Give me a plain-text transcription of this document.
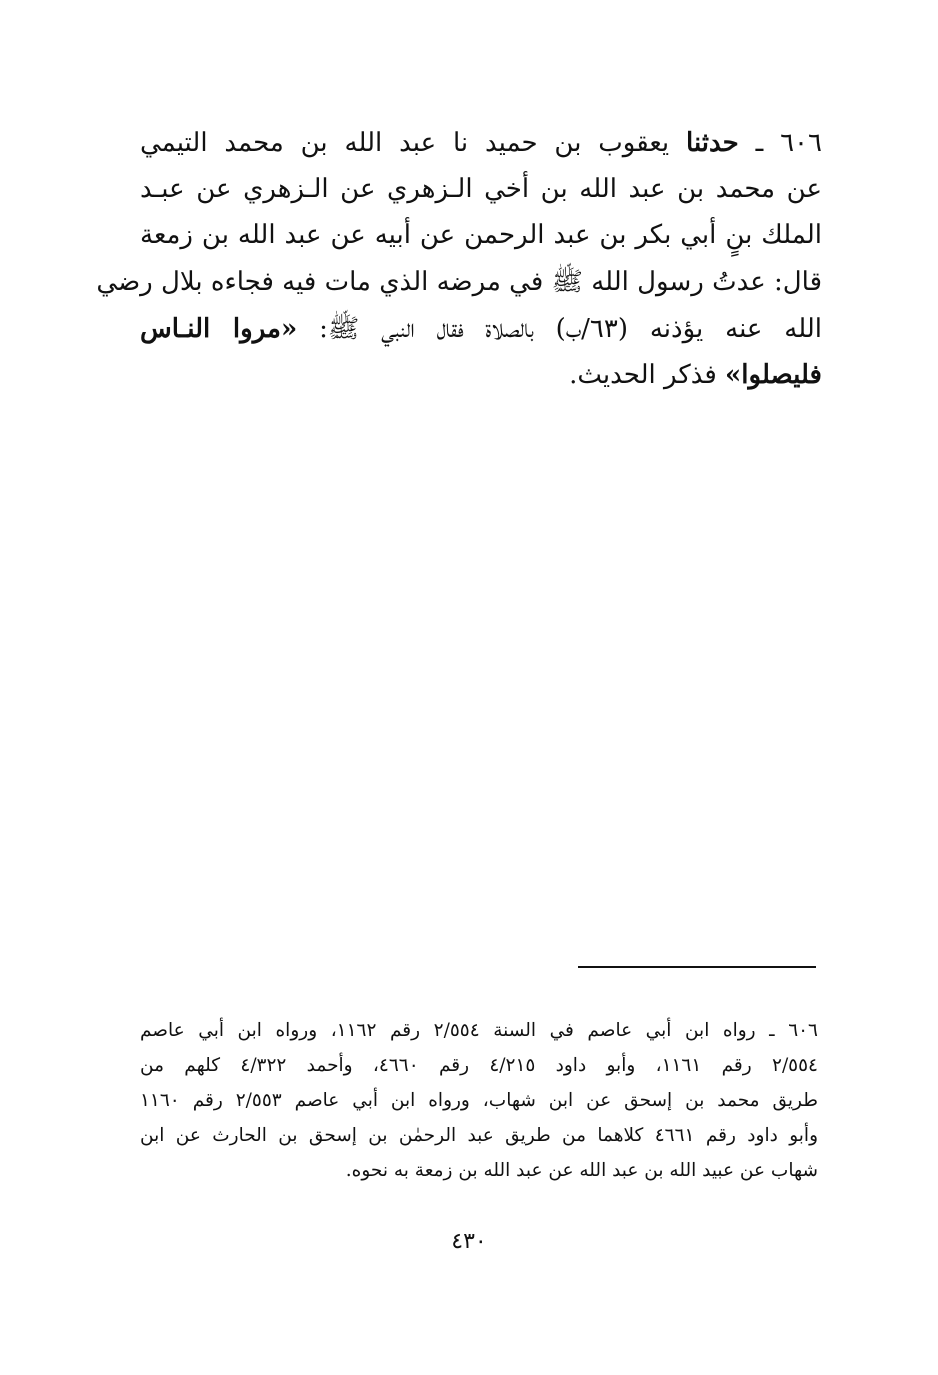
٦٠٦ ـ حدثنا يعقوب بن حميد نا عبد الله بن محمد التيمي
عن محمد بن عبد الله بن أخي الـزهري عن الـزهري عن عبـد
الملك بنٍ أبي بكر بن عبد الرحمن عن أبيه عن عبد الله بن زمعة
قال: عدتُ رسول الله ﷺ في مرضه الذي مات فيه فجاءه بلال رضي
الله عنه يؤذنه (٦٣/ب) بالصلاة فقال النبي ﷺ: «مروا النـاس
فليصلوا» فذكر الحديث.
٦٠٦ ـ رواه ابن أبي عاصم في السنة ٢/٥٥٤ رقم ١١٦٢، ورواه ابن أبي عاصم
٢/٥٥٤ رقم ١١٦١، وأبو داود ٤/٢١٥ رقم ٤٦٦٠، وأحمد ٤/٣٢٢ كلهم من
طريق محمد بن إسحق عن ابن شهاب، ورواه ابن أبي عاصم ٢/٥٥٣ رقم ١١٦٠
وأبو داود رقم ٤٦٦١ كلاهما من طريق عبد الرحمٰن بن إسحق بن الحارث عن ابن
شهاب عن عبيد الله بن عبد الله عن عبد الله بن زمعة به نحوه.
٤٣٠
